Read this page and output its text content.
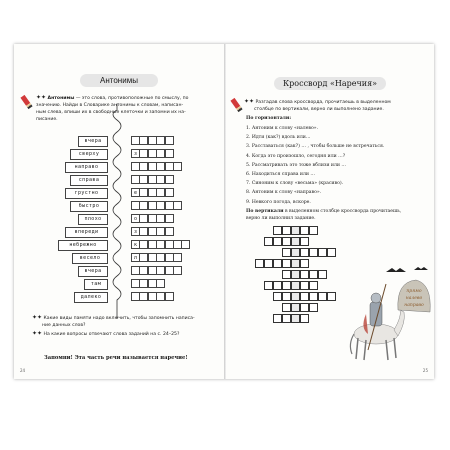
Антонимы
✦✦ Антонимы — это слова, противоположные по смыслу, по
значению. Найди в Словарике антонимы к словам, написан-
ным слева, впиши их в свободные клеточки и запомни их на-
писание.
вчера
сверху
направо
справа
грустно
быстро
плохо
впереди
небрежно
весело
вчера
там
далеко
з
е
о
з
к
л
✦✦ Какие виды памяти надо включить, чтобы запомнить написа-
ние данных слов?
✦✦ На какие вопросы отвечают слова заданий на с. 24–25?
Запомни! Эта часть речи называется наречие!
24
Кроссворд «Наречия»
✦✦ Разгадав слова кроссворда, прочитаешь в выделенном
столбце по вертикали, верно ли выполнено задание.
По горизонтали:
1. Антоним к слову «налево».
2. Идти (как?) вдоль или…
3. Расставаться (как?) … , чтобы больше не встречаться.
4. Когда это произошло, сегодня или …?
5. Рассматривать это тоже вблизи или …
6. Находиться справа или …
7. Синоним к слову «весьма» (красиво).
8. Антоним к слову «направо».
9. Невкого погода, вскоре.
По вертикали в выделенном столбце кроссворда прочитаешь,
верно ли выполнил задание.
прямо
налево
направо
25
